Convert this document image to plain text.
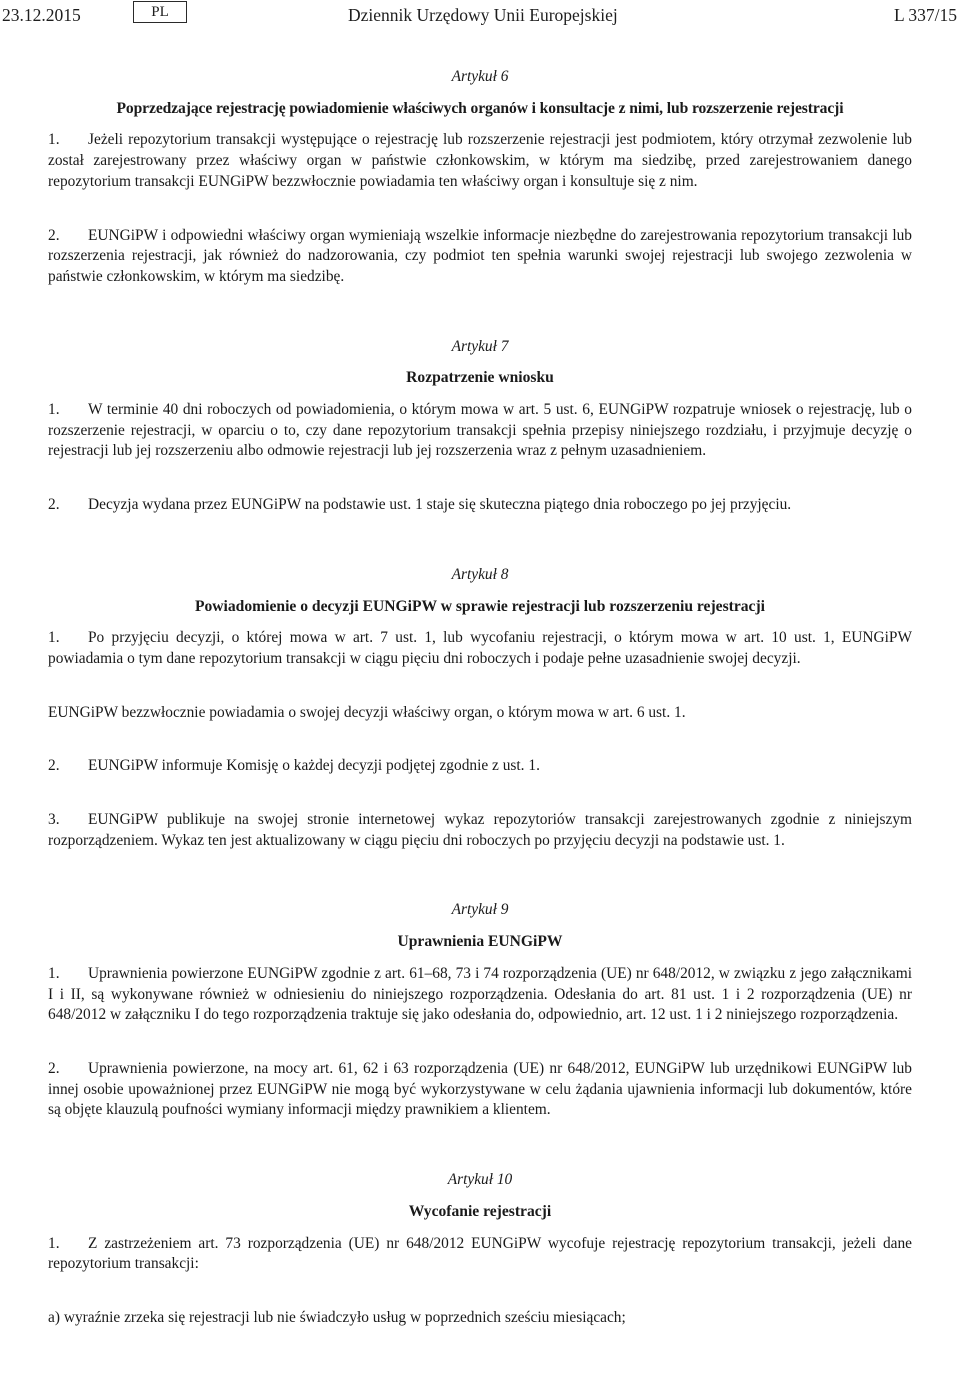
23.12.2015	PL	Dziennik Urzędowy Unii Europejskiej	L 337/15

Artykuł 6

Poprzedzające rejestrację powiadomienie właściwych organów i konsultacje z nimi, lub rozszerzenie rejestracji

1. Jeżeli repozytorium transakcji występujące o rejestrację lub rozszerzenie rejestracji jest podmiotem, który otrzymał zezwolenie lub został zarejestrowany przez właściwy organ w państwie członkowskim, w którym ma siedzibę, przed zarejestrowaniem danego repozytorium transakcji EUNGiPW bezzwłocznie powiadamia ten właściwy organ i konsultuje się z nim.

2. EUNGiPW i odpowiedni właściwy organ wymieniają wszelkie informacje niezbędne do zarejestrowania repozytorium transakcji lub rozszerzenia rejestracji, jak również do nadzorowania, czy podmiot ten spełnia warunki swojej rejestracji lub swojego zezwolenia w państwie członkowskim, w którym ma siedzibę.

Artykuł 7

Rozpatrzenie wniosku

1. W terminie 40 dni roboczych od powiadomienia, o którym mowa w art. 5 ust. 6, EUNGiPW rozpatruje wniosek o rejestrację, lub o rozszerzenie rejestracji, w oparciu o to, czy dane repozytorium transakcji spełnia przepisy niniejszego rozdziału, i przyjmuje decyzję o rejestracji lub jej rozszerzeniu albo odmowie rejestracji lub jej rozszerzenia wraz z pełnym uzasadnieniem.

2. Decyzja wydana przez EUNGiPW na podstawie ust. 1 staje się skuteczna piątego dnia roboczego po jej przyjęciu.

Artykuł 8

Powiadomienie o decyzji EUNGiPW w sprawie rejestracji lub rozszerzeniu rejestracji

1. Po przyjęciu decyzji, o której mowa w art. 7 ust. 1, lub wycofaniu rejestracji, o którym mowa w art. 10 ust. 1, EUNGiPW powiadamia o tym dane repozytorium transakcji w ciągu pięciu dni roboczych i podaje pełne uzasadnienie swojej decyzji.

EUNGiPW bezzwłocznie powiadamia o swojej decyzji właściwy organ, o którym mowa w art. 6 ust. 1.

2. EUNGiPW informuje Komisję o każdej decyzji podjętej zgodnie z ust. 1.

3. EUNGiPW publikuje na swojej stronie internetowej wykaz repozytoriów transakcji zarejestrowanych zgodnie z niniejszym rozporządzeniem. Wykaz ten jest aktualizowany w ciągu pięciu dni roboczych po przyjęciu decyzji na podstawie ust. 1.

Artykuł 9

Uprawnienia EUNGiPW

1. Uprawnienia powierzone EUNGiPW zgodnie z art. 61–68, 73 i 74 rozporządzenia (UE) nr 648/2012, w związku z jego załącznikami I i II, są wykonywane również w odniesieniu do niniejszego rozporządzenia. Odesłania do art. 81 ust. 1 i 2 rozporządzenia (UE) nr 648/2012 w załączniku I do tego rozporządzenia traktuje się jako odesłania do, odpowiednio, art. 12 ust. 1 i 2 niniejszego rozporządzenia.

2. Uprawnienia powierzone, na mocy art. 61, 62 i 63 rozporządzenia (UE) nr 648/2012, EUNGiPW lub urzędnikowi EUNGiPW lub innej osobie upoważnionej przez EUNGiPW nie mogą być wykorzystywane w celu żądania ujawnienia informacji lub dokumentów, które są objęte klauzulą poufności wymiany informacji między prawnikiem a klientem.

Artykuł 10

Wycofanie rejestracji

1. Z zastrzeżeniem art. 73 rozporządzenia (UE) nr 648/2012 EUNGiPW wycofuje rejestrację repozytorium transakcji, jeżeli dane repozytorium transakcji:

a) wyraźnie zrzeka się rejestracji lub nie świadczyło usług w poprzednich sześciu miesiącach;
